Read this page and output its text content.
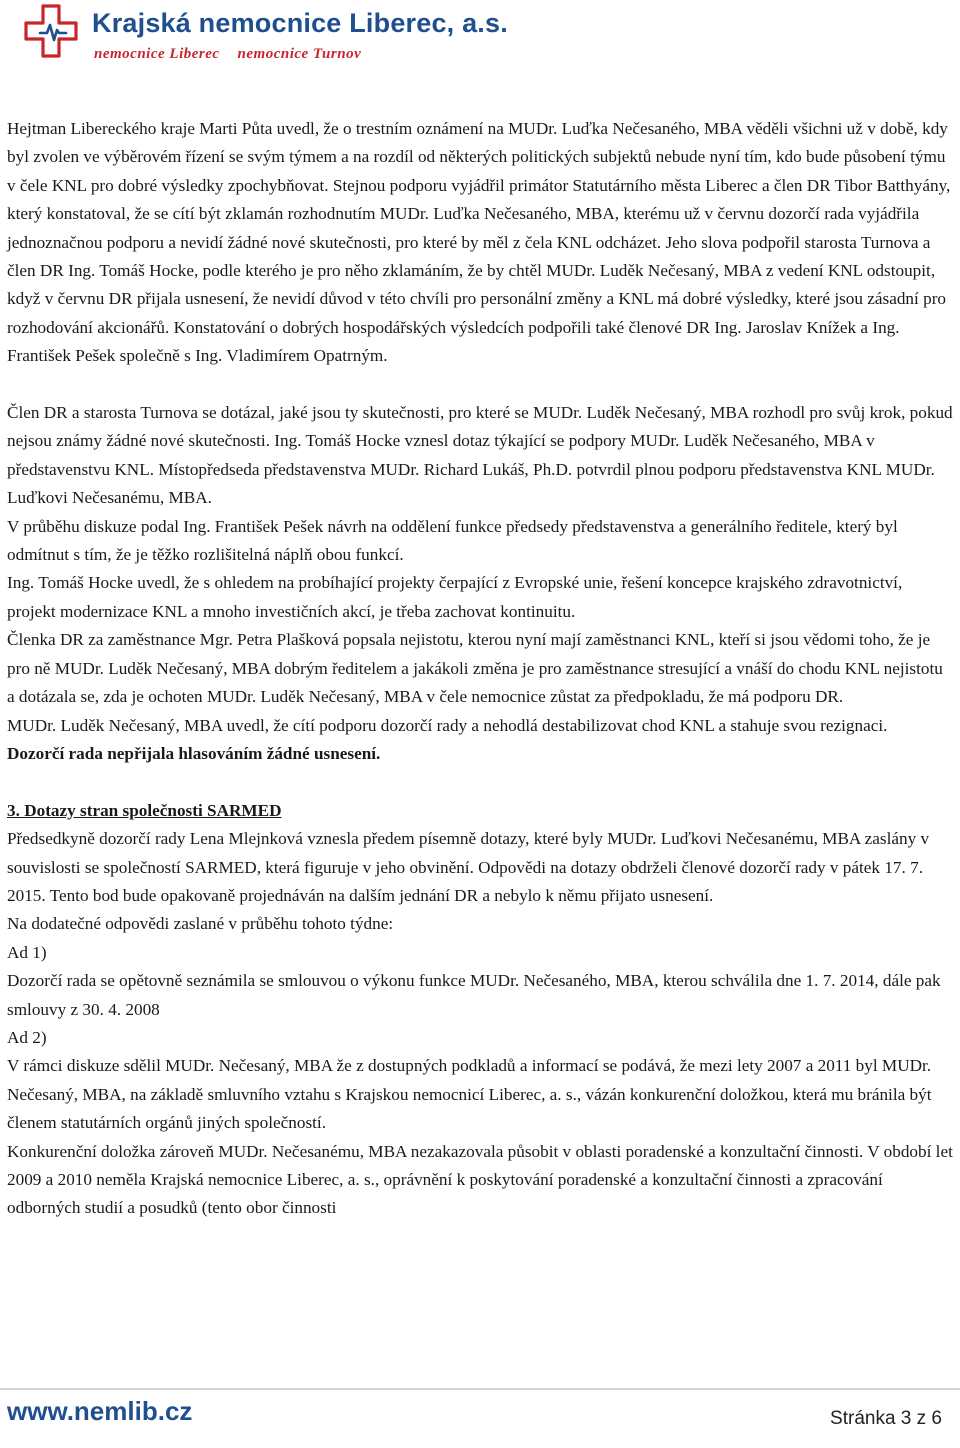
Krajská nemocnice Liberec, a.s.
nemocnice Liberec nemocnice Turnov

Hejtman Libereckého kraje Marti Půta uvedl, že o trestním oznámení na MUDr. Luďka Nečesaného, MBA věděli všichni už v době, kdy byl zvolen ve výběrovém řízení se svým týmem a na rozdíl od některých politických subjektů nebude nyní tím, kdo bude působení týmu v čele KNL pro dobré výsledky zpochybňovat. Stejnou podporu vyjádřil primátor Statutárního města Liberec a člen DR Tibor Batthyány, který konstatoval, že se cítí být zklamán rozhodnutím MUDr. Luďka Nečesaného, MBA, kterému už v červnu dozorčí rada vyjádřila jednoznačnou podporu a nevidí žádné nové skutečnosti, pro které by měl z čela KNL odcházet. Jeho slova podpořil starosta Turnova a člen DR Ing. Tomáš Hocke, podle kterého je pro něho zklamáním, že by chtěl MUDr. Luděk Nečesaný, MBA z vedení KNL odstoupit, když v červnu DR přijala usnesení, že nevidí důvod v této chvíli pro personální změny a KNL má dobré výsledky, které jsou zásadní pro rozhodování akcionářů. Konstatování o dobrých hospodářských výsledcích podpořili také členové DR Ing. Jaroslav Knížek a Ing. František Pešek společně s Ing. Vladimírem Opatrným.

Člen DR a starosta Turnova se dotázal, jaké jsou ty skutečnosti, pro které se MUDr. Luděk Nečesaný, MBA rozhodl pro svůj krok, pokud nejsou známy žádné nové skutečnosti. Ing. Tomáš Hocke vznesl dotaz týkající se podpory MUDr. Luděk Nečesaného, MBA v představenstvu KNL. Místopředseda představenstva MUDr. Richard Lukáš, Ph.D. potvrdil plnou podporu představenstva KNL MUDr. Luďkovi Nečesanému, MBA.

V průběhu diskuze podal Ing. František Pešek návrh na oddělení funkce předsedy představenstva a generálního ředitele, který byl odmítnut s tím, že je těžko rozlišitelná náplň obou funkcí.

Ing. Tomáš Hocke uvedl, že s ohledem na probíhající projekty čerpající z Evropské unie, řešení koncepce krajského zdravotnictví, projekt modernizace KNL a mnoho investičních akcí, je třeba zachovat kontinuitu.

Členka DR za zaměstnance Mgr. Petra Plašková popsala nejistotu, kterou nyní mají zaměstnanci KNL, kteří si jsou vědomi toho, že je pro ně MUDr. Luděk Nečesaný, MBA dobrým ředitelem a jakákoli změna je pro zaměstnance stresující a vnáší do chodu KNL nejistotu a dotázala se, zda je ochoten MUDr. Luděk Nečesaný, MBA v čele nemocnice zůstat za předpokladu, že má podporu DR.

MUDr. Luděk Nečesaný, MBA uvedl, že cítí podporu dozorčí rady a nehodlá destabilizovat chod KNL a stahuje svou rezignaci.

Dozorčí rada nepřijala hlasováním žádné usnesení.

3. Dotazy stran společnosti SARMED

Předsedkyně dozorčí rady Lena Mlejnková vznesla předem písemně dotazy, které byly MUDr. Luďkovi Nečesanému, MBA zaslány v souvislosti se společností SARMED, která figuruje v jeho obvinění. Odpovědi na dotazy obdrželi členové dozorčí rady v pátek 17. 7. 2015. Tento bod bude opakovaně projednáván na dalším jednání DR a nebylo k němu přijato usnesení.

Na dodatečné odpovědi zaslané v průběhu tohoto týdne:

Ad 1)

Dozorčí rada se opětovně seznámila se smlouvou o výkonu funkce MUDr. Nečesaného, MBA, kterou schválila dne 1. 7. 2014, dále pak smlouvy z 30. 4. 2008

Ad 2)

V rámci diskuze sdělil MUDr. Nečesaný, MBA že z dostupných podkladů a informací se podává, že mezi lety 2007 a 2011 byl MUDr. Nečesaný, MBA, na základě smluvního vztahu s Krajskou nemocnicí Liberec, a. s., vázán konkurenční doložkou, která mu bránila být členem statutárních orgánů jiných společností.

Konkurenční doložka zároveň MUDr. Nečesanému, MBA nezakazovala působit v oblasti poradenské a konzultační činnosti. V období let 2009 a 2010 neměla Krajská nemocnice Liberec, a. s., oprávnění k poskytování poradenské a konzultační činnosti a zpracování odborných studií a posudků (tento obor činnosti

www.nemlib.cz	Stránka 3 z 6
